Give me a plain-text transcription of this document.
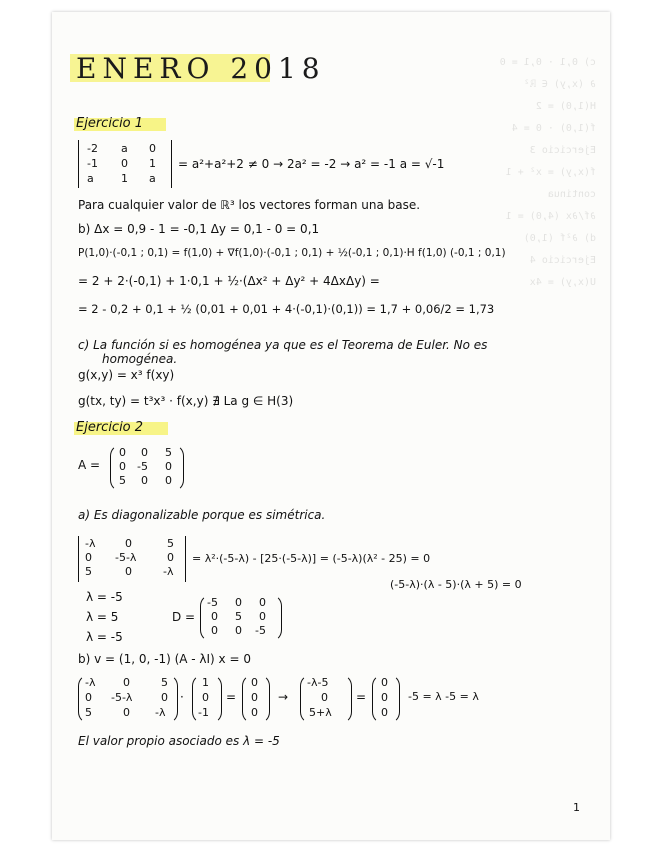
c) 0,1 · 0,1 = 0
∂ (x,y) ∈ ℝ²
H(1,0) = 2
f(1,0) · 0 = 4
Ejercicio 3
f(x,y) = x² + 1
continua
∂f/∂x (4,0) = 1
d) ∂²f (1,0)
Ejercicio 4
U(x,y) = 4x
ENERO 2018
Ejercicio 1
-2 a 0
-1 0 1
a 1 a
= a²+a²+2 ≠ 0 → 2a² = -2 → a² = -1 a = √-1
Para cualquier valor de ℝ³ los vectores forman una base.
b) Δx = 0,9 - 1 = -0,1 Δy = 0,1 - 0 = 0,1
P(1,0)·(-0,1 ; 0,1) = f(1,0) + ∇f(1,0)·(-0,1 ; 0,1) + ½(-0,1 ; 0,1)·H f(1,0) (-0,1 ; 0,1)
= 2 + 2·(-0,1) + 1·0,1 + ½·(Δx² + Δy² + 4ΔxΔy) =
= 2 - 0,2 + 0,1 + ½ (0,01 + 0,01 + 4·(-0,1)·(0,1)) = 1,7 + 0,06/2 = 1,73
c) La función si es homogénea ya que es el Teorema de Euler. No es
homogénea.
g(x,y) = x³ f(xy)
g(tx, ty) = t³x³ · f(x,y) ∄ La g ∈ H(3)
Ejercicio 2
A =
0 0 5
0 -5 0
5 0 0
a) Es diagonalizable porque es simétrica.
-λ	0	5
0 -5-λ	0
5	0	-λ
= λ²·(-5-λ) - [25·(-5-λ)] = (-5-λ)(λ² - 25) = 0
(-5-λ)·(λ - 5)·(λ + 5) = 0
λ = -5
λ = 5
λ = -5
D =
-5 0 0
0 5 0
0 0 -5
b) v = (1, 0, -1) (A - λI) x = 0
-λ	0	5
0 -5-λ	0
5	0 -λ
·
1
0
-1
=
0
0
0
→
-λ-5
0
5+λ
=
0
0
0
-5 = λ -5 = λ
El valor propio asociado es λ = -5
1
